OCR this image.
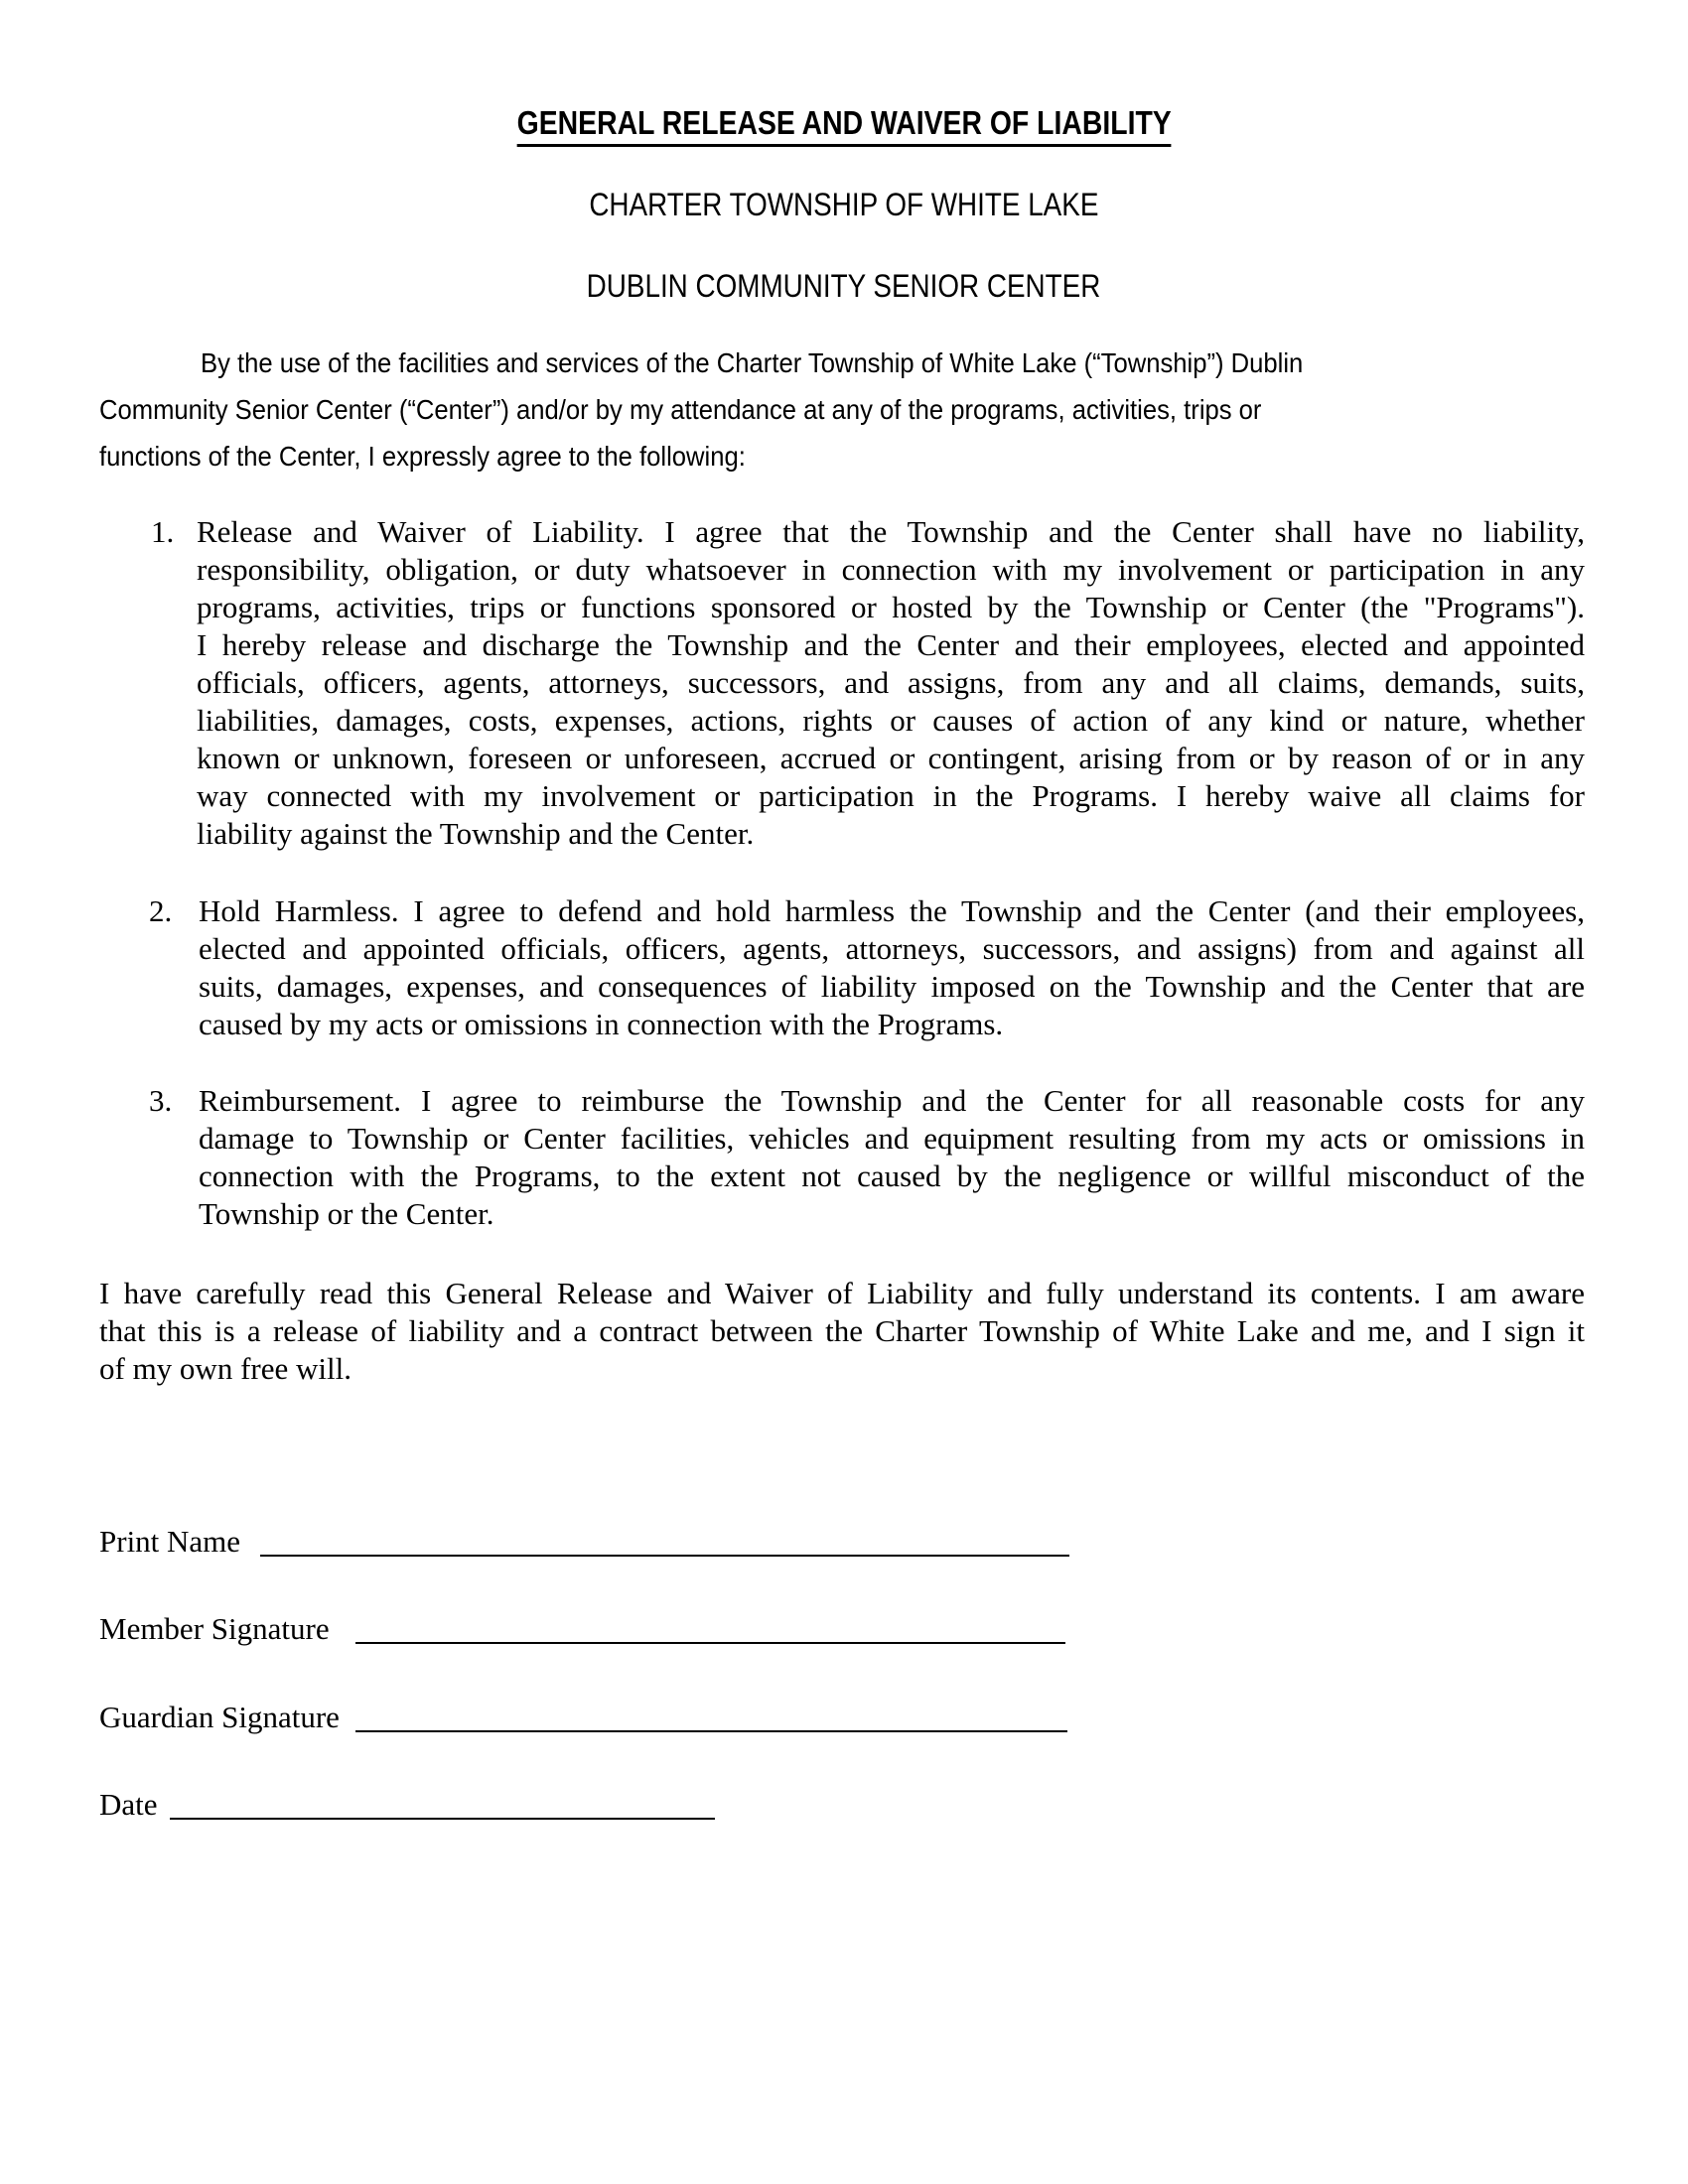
GENERAL RELEASE AND WAIVER OF LIABILITY
CHARTER TOWNSHIP OF WHITE LAKE
DUBLIN COMMUNITY SENIOR CENTER
By the use of the facilities and services of the Charter Township of White Lake (“Township”) Dublin
Community Senior Center (“Center”) and/or by my attendance at any of the programs, activities, trips or
functions of the Center, I expressly agree to the following:
1. Release and Waiver of Liability. I agree that the Township and the Center shall have no liability,
responsibility, obligation, or duty whatsoever in connection with my involvement or participation in any
programs, activities, trips or functions sponsored or hosted by the Township or Center (the "Programs").
I hereby release and discharge the Township and the Center and their employees, elected and appointed
officials, officers, agents, attorneys, successors, and assigns, from any and all claims, demands, suits,
liabilities, damages, costs, expenses, actions, rights or causes of action of any kind or nature, whether
known or unknown, foreseen or unforeseen, accrued or contingent, arising from or by reason of or in any
way connected with my involvement or participation in the Programs. I hereby waive all claims for
liability against the Township and the Center.
2. Hold Harmless. I agree to defend and hold harmless the Township and the Center (and their employees,
elected and appointed officials, officers, agents, attorneys, successors, and assigns) from and against all
suits, damages, expenses, and consequences of liability imposed on the Township and the Center that are
caused by my acts or omissions in connection with the Programs.
3. Reimbursement. I agree to reimburse the Township and the Center for all reasonable costs for any
damage to Township or Center facilities, vehicles and equipment resulting from my acts or omissions in
connection with the Programs, to the extent not caused by the negligence or willful misconduct of the
Township or the Center.
I have carefully read this General Release and Waiver of Liability and fully understand its contents. I am aware
that this is a release of liability and a contract between the Charter Township of White Lake and me, and I sign it
of my own free will.
Print Name
Member Signature
Guardian Signature
Date
